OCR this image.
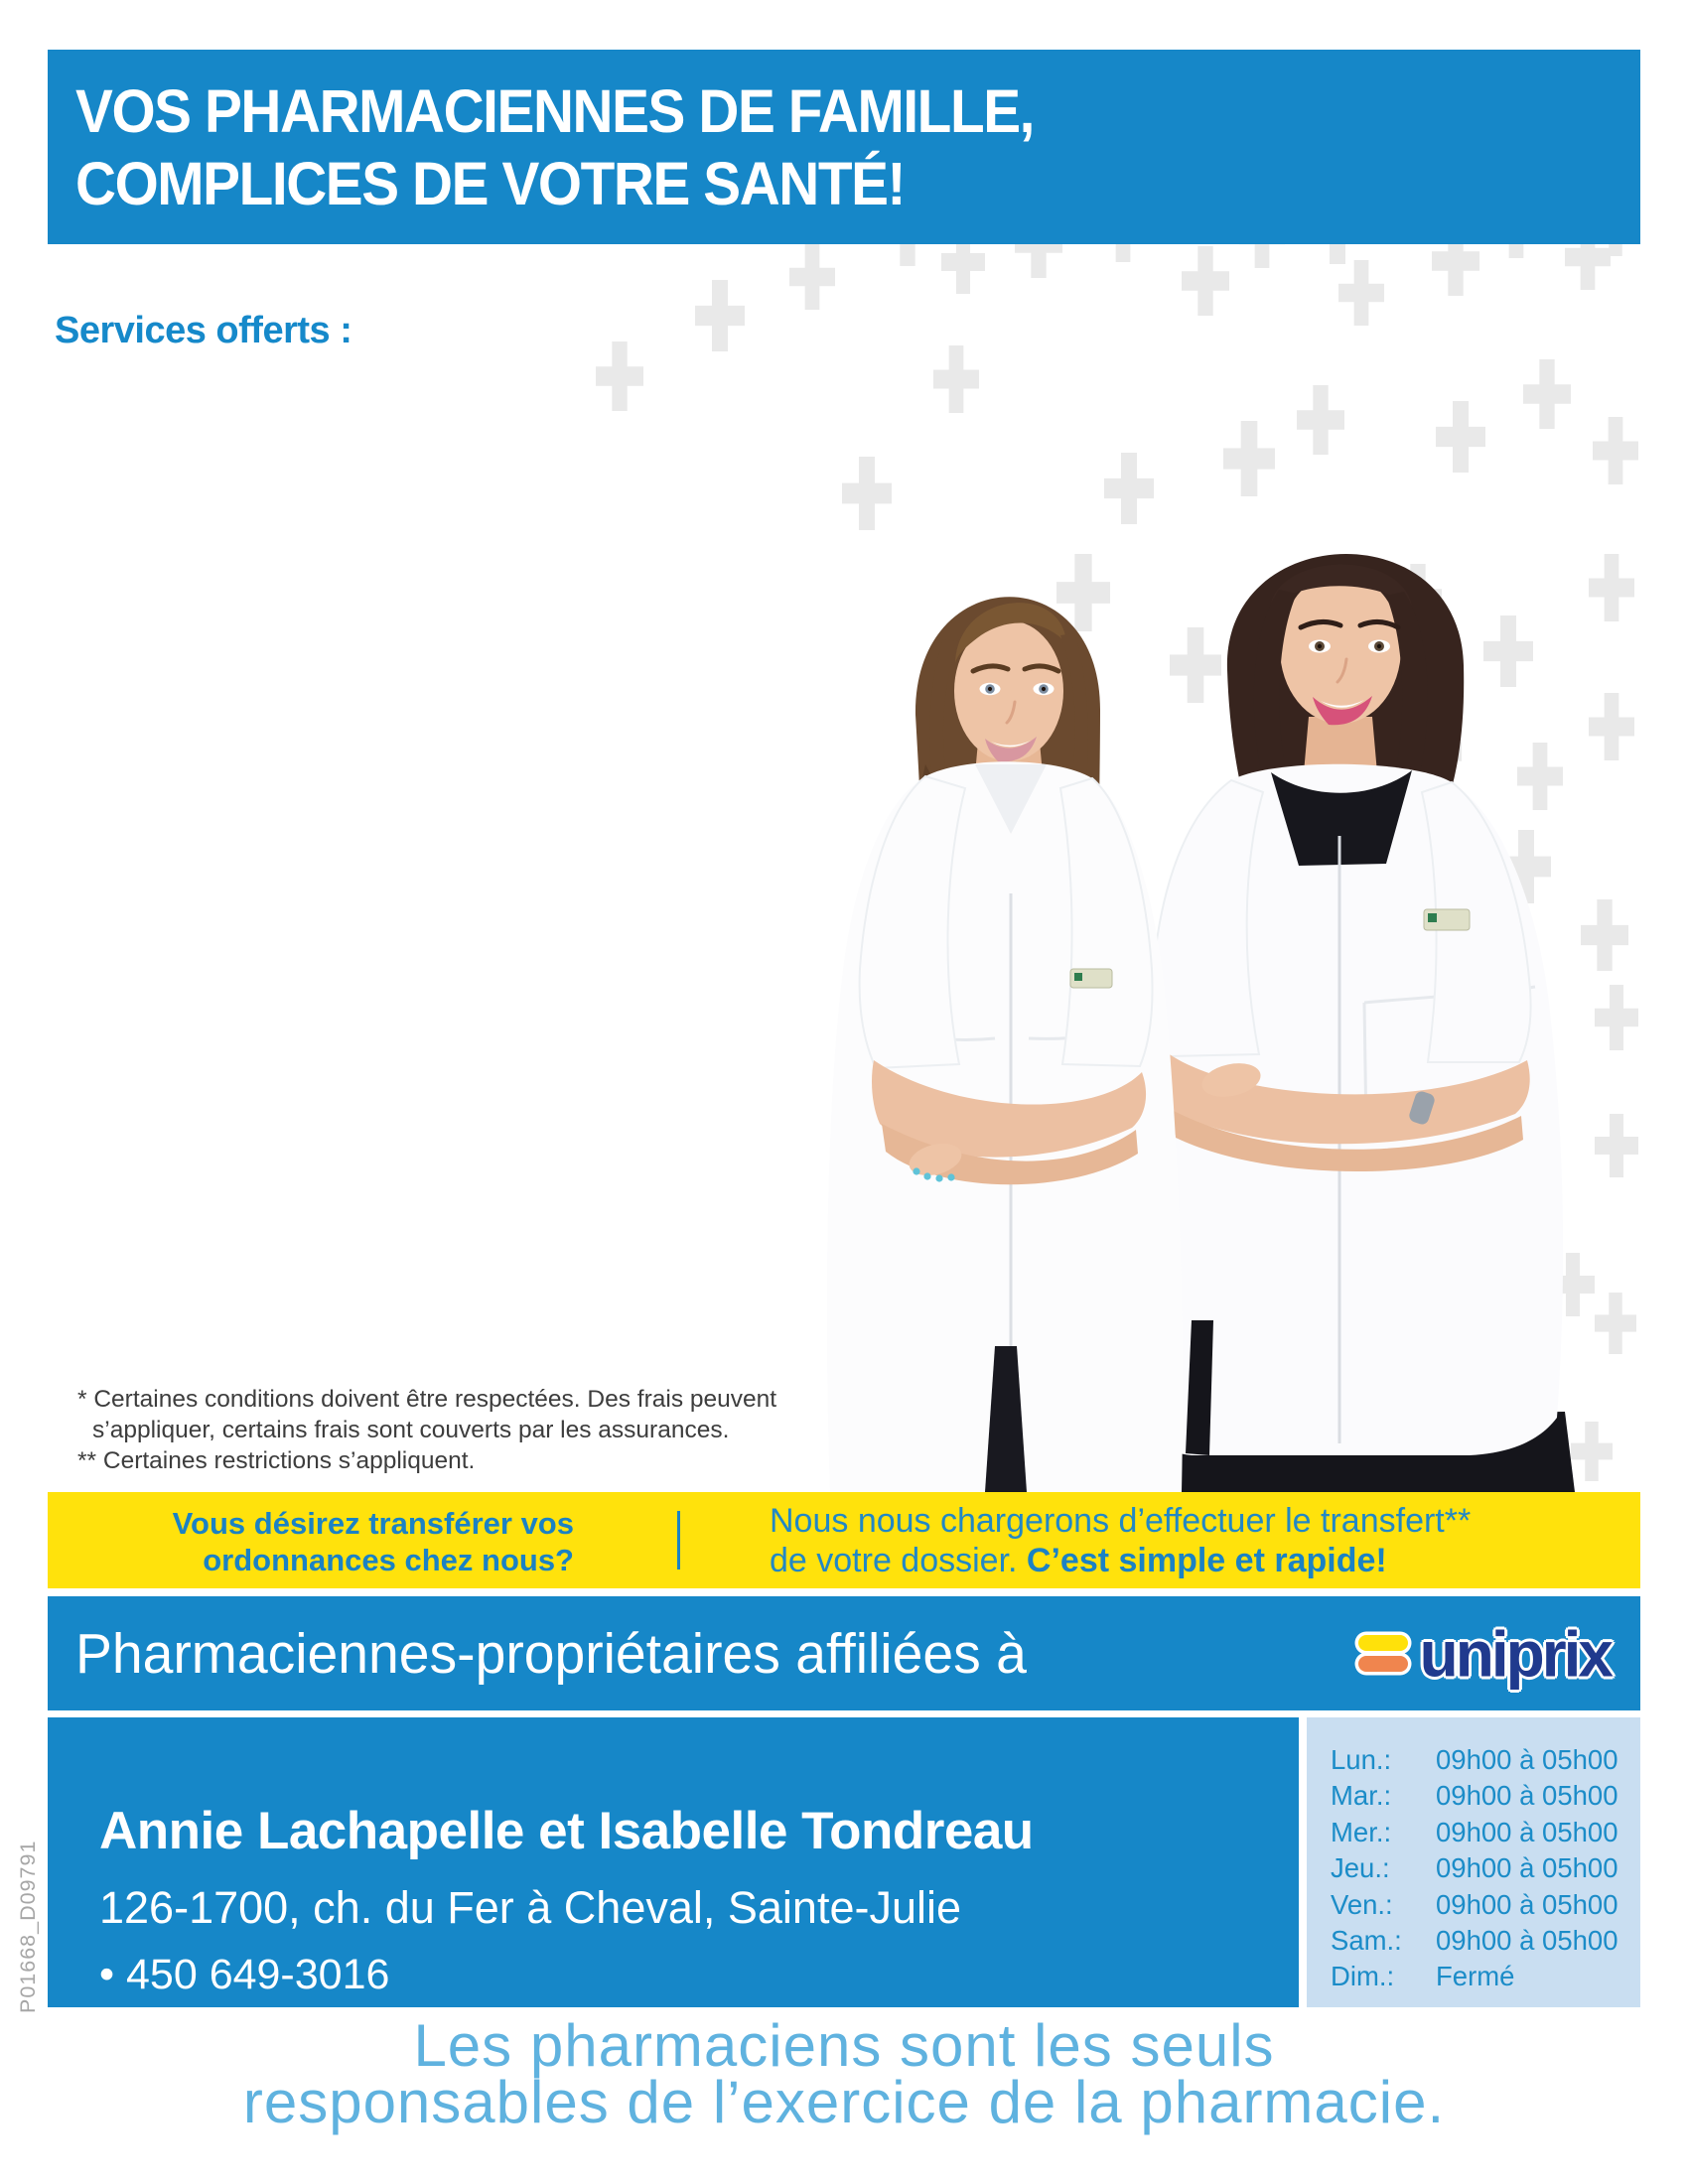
VOS PHARMACIENNES DE FAMILLE,
COMPLICES DE VOTRE SANTÉ!
Services offerts :
* Certaines conditions doivent être respectées. Des frais peuvent
s’appliquer, certains frais sont couverts par les assurances.
** Certaines restrictions s’appliquent.
Vous désirez transférer vos
ordonnances chez nous?
Nous nous chargerons d’effectuer le transfert**
de votre dossier. C’est simple et rapide!
Pharmaciennes-propriétaires affiliées à	uniprix
Annie Lachapelle et Isabelle Tondreau
126-1700, ch. du Fer à Cheval, Sainte-Julie
• 450 649-3016
Lun.: 09h00 à 05h00
Mar.: 09h00 à 05h00
Mer.: 09h00 à 05h00
Jeu.: 09h00 à 05h00
Ven.: 09h00 à 05h00
Sam.: 09h00 à 05h00
Dim.: Fermé
Les pharmaciens sont les seuls
responsables de l’exercice de la pharmacie.
P01668_D09791
